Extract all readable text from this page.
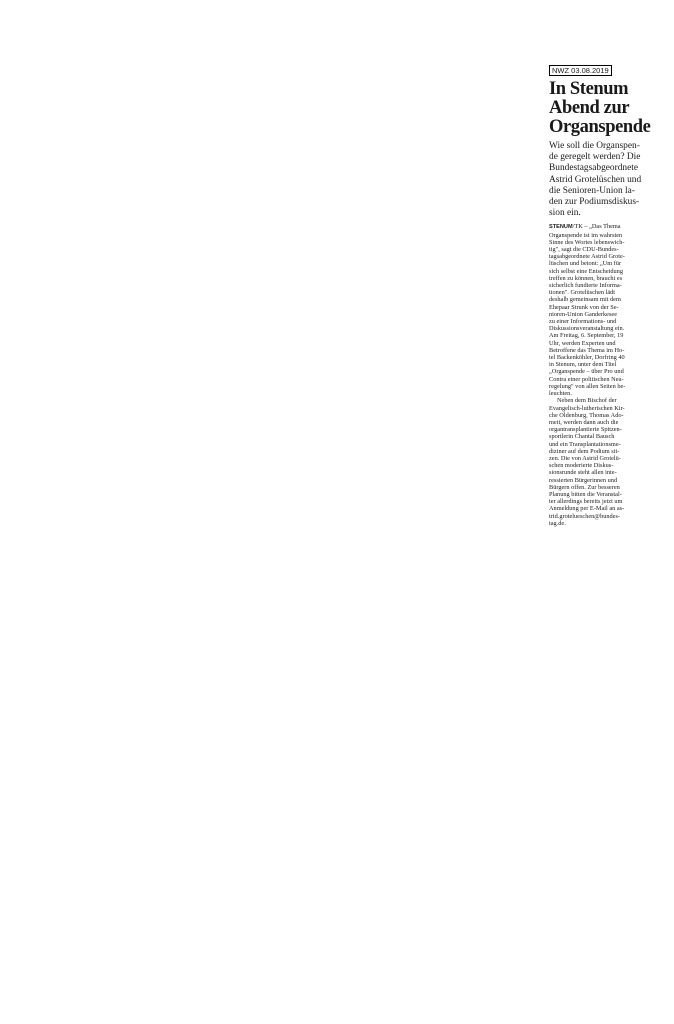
NWZ 03.08.2019
In Stenum
Abend zur
Organspende
Wie soll die Organspen-
de geregelt werden? Die
Bundestagsabgeordnete
Astrid Grotelüschen und
die Senioren-Union la-
den zur Podiumsdiskus-
sion ein.

STENUM/TK – „Das Thema
Organspende ist im wahrsten
Sinne des Wortes lebenswich-
tig", sagt die CDU-Bundes-
tagsabgeordnete Astrid Grote-
lüschen und betont: „Um für
sich selbst eine Entscheidung
treffen zu können, braucht es
sicherlich fundierte Informa-
tionen". Grotelüschen lädt
deshalb gemeinsam mit dem
Ehepaar Strunk von der Se-
nioren-Union Ganderkesee
zu einer Informations- und
Diskussionsveranstaltung ein.
Am Freitag, 6. September, 19
Uhr, werden Experten und
Betroffene das Thema im Ho-
tel Backenköhler, Dorfring 40
in Stenum, unter dem Titel
„Organspende – über Pro und
Contra einer politischen Neu-
regelung" von allen Seiten be-
leuchten.

Neben dem Bischof der
Evangelisch-lutherischen Kir-
che Oldenburg, Thomas Ado-
meit, werden dann auch die
organtransplantierte Spitzen-
sportlerin Chantal Bausch
und ein Transplantationsme-
diziner auf dem Podium sit-
zen. Die von Astrid Grotelü-
schen moderierte Diskus-
sionsrunde steht allen inte-
ressierten Bürgerinnen und
Bürgern offen. Zur besseren
Planung bitten die Veranstal-
ter allerdings bereits jetzt um
Anmeldung per E-Mail an as-
trid.grotelueschen@bundes-
tag.de.
